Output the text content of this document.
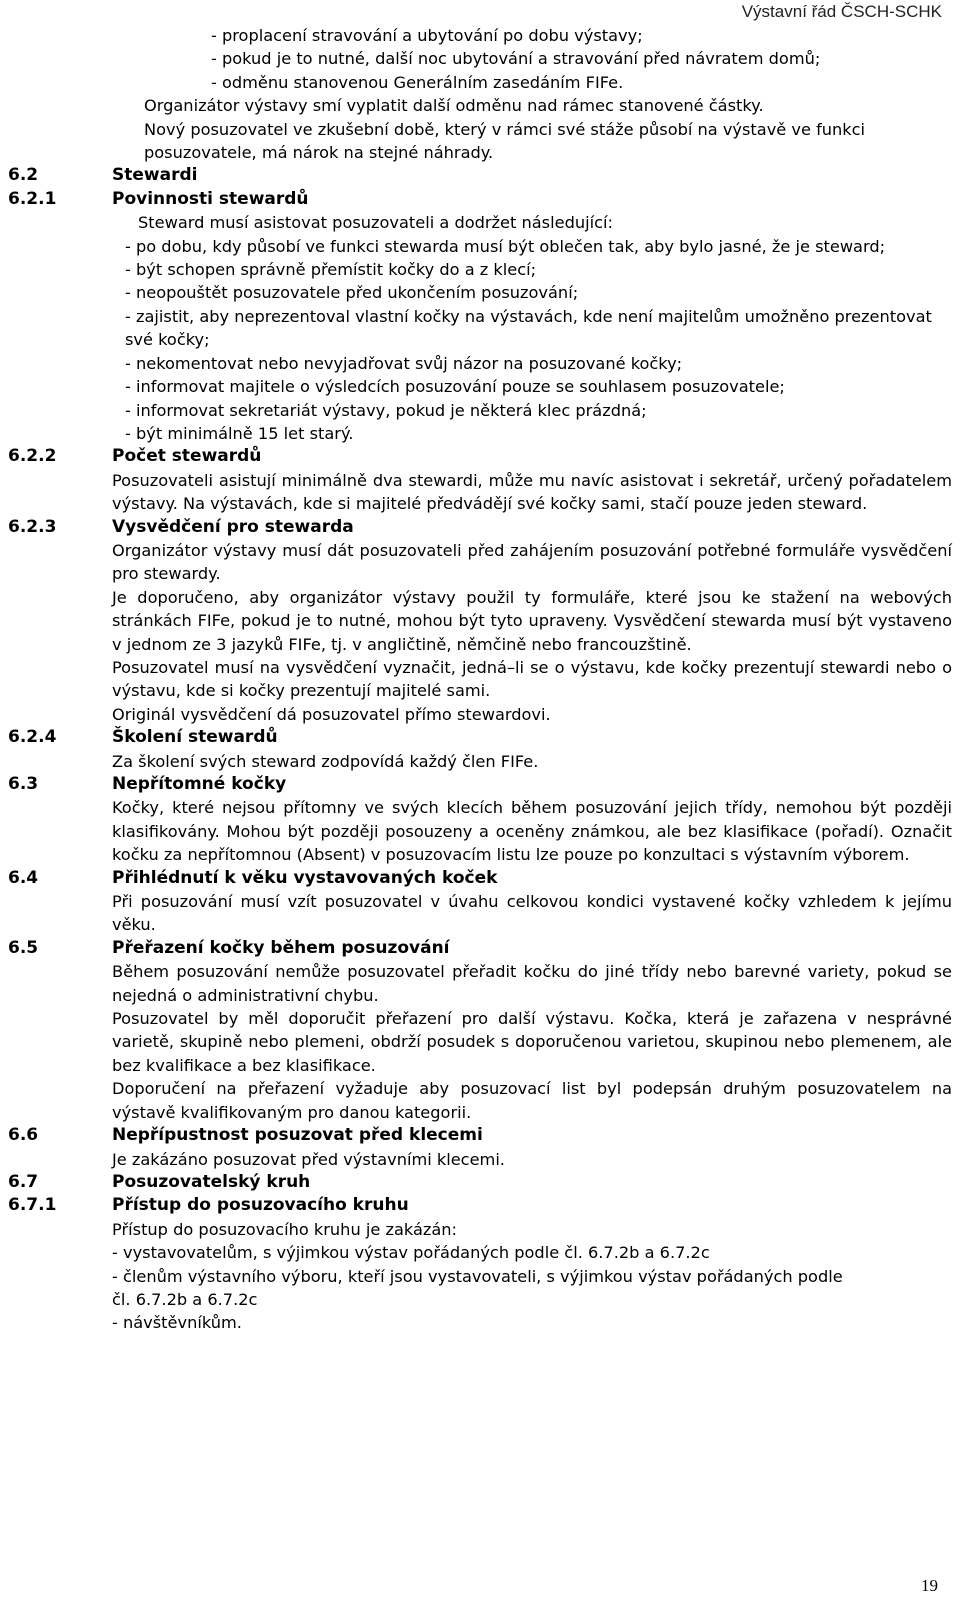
Výstavní řád ČSCH-SCHK

- proplacení stravování a ubytování po dobu výstavy;

- pokud je to nutné, další noc ubytování a stravování před návratem domů;

- odměnu stanovenou Generálním zasedáním FIFe.

Organizátor výstavy smí vyplatit další odměnu nad rámec stanovené částky.

Nový posuzovatel ve zkušební době, který v rámci své stáže působí na výstavě ve funkci posuzovatele, má nárok na stejné náhrady.

6.2	Stewardi
6.2.1	Povinnosti stewardů

Steward musí asistovat posuzovateli a dodržet následující:

- po dobu, kdy působí ve funkci stewarda musí být oblečen tak, aby bylo jasné, že je steward;

- být schopen správně přemístit kočky do a z klecí;

- neopouštět posuzovatele před ukončením posuzování;

- zajistit, aby neprezentoval vlastní kočky na výstavách, kde není majitelům umožněno prezentovat své kočky;

- nekomentovat nebo nevyjadřovat svůj názor na posuzované kočky;

- informovat majitele o výsledcích posuzování pouze se souhlasem posuzovatele;

- informovat sekretariát výstavy, pokud je některá klec prázdná;

- být minimálně 15 let starý.

6.2.2	Počet stewardů

Posuzovateli asistují minimálně dva stewardi, může mu navíc asistovat i sekretář, určený pořadatelem výstavy. Na výstavách, kde si majitelé předvádějí své kočky sami, stačí pouze jeden steward.

6.2.3	Vysvědčení pro stewarda

Organizátor výstavy musí dát posuzovateli před zahájením posuzování potřebné formuláře vysvědčení pro stewardy.

Je doporučeno, aby organizátor výstavy použil ty formuláře, které jsou ke stažení na webových stránkách FIFe, pokud je to nutné, mohou být tyto upraveny. Vysvědčení stewarda musí být vystaveno v jednom ze 3 jazyků FIFe, tj. v angličtině, němčině nebo francouzštině.

Posuzovatel musí na vysvědčení vyznačit, jedná–li se o výstavu, kde kočky prezentují stewardi nebo o výstavu, kde si kočky prezentují majitelé sami.

Originál vysvědčení dá posuzovatel přímo stewardovi.

6.2.4	Školení stewardů

Za školení svých steward zodpovídá každý člen FIFe.

6.3	Nepřítomné kočky

Kočky, které nejsou přítomny ve svých klecích během posuzování jejich třídy, nemohou být později klasifikovány. Mohou být později posouzeny a oceněny známkou, ale bez klasifikace (pořadí). Označit kočku za nepřítomnou (Absent) v posuzovacím listu lze pouze po konzultaci s výstavním výborem.

6.4	Přihlédnutí k věku vystavovaných koček

Při posuzování musí vzít posuzovatel v úvahu celkovou kondici vystavené kočky vzhledem k jejímu věku.

6.5	Přeřazení kočky během posuzování

Během posuzování nemůže posuzovatel přeřadit kočku do jiné třídy nebo barevné variety, pokud se nejedná o administrativní chybu.

Posuzovatel by měl doporučit přeřazení pro další výstavu. Kočka, která je zařazena v nesprávné varietě, skupině nebo plemeni, obdrží posudek s doporučenou varietou, skupinou nebo plemenem, ale bez kvalifikace a bez klasifikace.

Doporučení na přeřazení vyžaduje aby posuzovací list byl podepsán druhým posuzovatelem na výstavě kvalifikovaným pro danou kategorii.

6.6	Nepřípustnost posuzovat před klecemi

Je zakázáno posuzovat před výstavními klecemi.

6.7	Posuzovatelský kruh
6.7.1	Přístup do posuzovacího kruhu

Přístup do posuzovacího kruhu je zakázán:

- vystavovatelům, s výjimkou výstav pořádaných podle čl. 6.7.2b a 6.7.2c

- členům výstavního výboru, kteří jsou vystavovateli, s výjimkou výstav pořádaných podle čl. 6.7.2b a 6.7.2c

- návštěvníkům.

19
